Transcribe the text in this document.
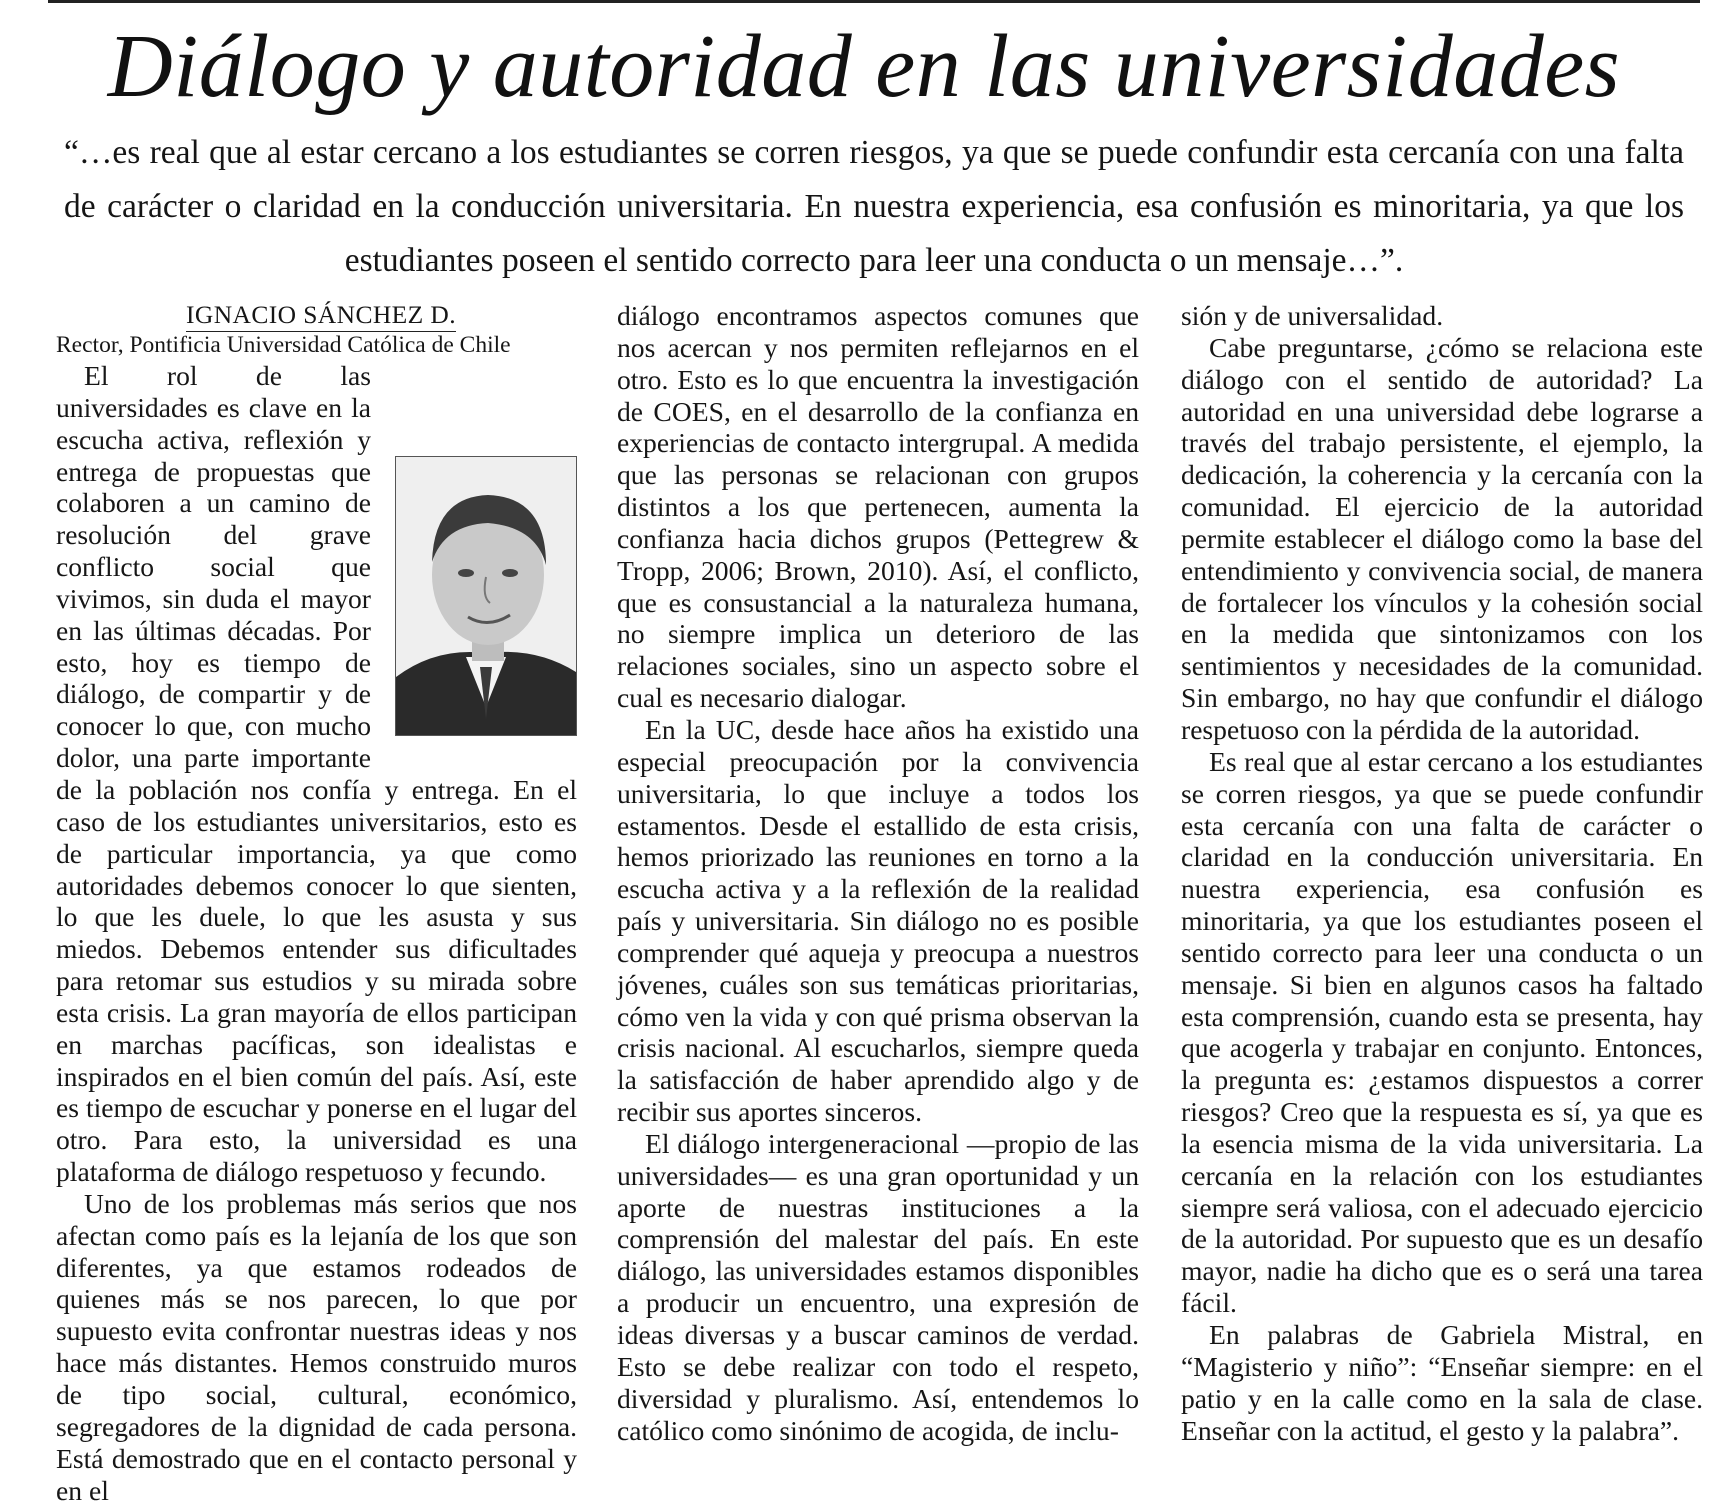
Diálogo y autoridad en las universidades
“…es real que al estar cercano a los estudiantes se corren riesgos, ya que se puede confundir esta cercanía con una falta de carácter o claridad en la conducción universitaria. En nuestra experiencia, esa confusión es minoritaria, ya que los estudiantes poseen el sentido correcto para leer una conducta o un mensaje…”.

IGNACIO SÁNCHEZ D.

Rector, Pontificia Universidad Católica de Chile

El rol de las universidades es clave en la escucha activa, reflexión y entrega de propuestas que colaboren a un camino de resolución del grave conflicto social que vivimos, sin duda el mayor en las últimas décadas. Por esto, hoy es tiempo de diálogo, de compartir y de conocer lo que, con mucho dolor, una parte importante de la población nos confía y entrega. En el caso de los estudiantes universitarios, esto es de particular importancia, ya que como autoridades debemos conocer lo que sienten, lo que les duele, lo que les asusta y sus miedos. Debemos entender sus dificultades para retomar sus estudios y su mirada sobre esta crisis. La gran mayoría de ellos participan en marchas pacíficas, son idealistas e inspirados en el bien común del país. Así, este es tiempo de escuchar y ponerse en el lugar del otro. Para esto, la universidad es una plataforma de diálogo respetuoso y fecundo.

Uno de los problemas más serios que nos afectan como país es la lejanía de los que son diferentes, ya que estamos rodeados de quienes más se nos parecen, lo que por supuesto evita confrontar nuestras ideas y nos hace más distantes. Hemos construido muros de tipo social, cultural, económico, segregadores de la dignidad de cada persona. Está demostrado que en el contacto personal y en el

diálogo encontramos aspectos comunes que nos acercan y nos permiten reflejarnos en el otro. Esto es lo que encuentra la investigación de COES, en el desarrollo de la confianza en experiencias de contacto intergrupal. A medida que las personas se relacionan con grupos distintos a los que pertenecen, aumenta la confianza hacia dichos grupos (Pettegrew & Tropp, 2006; Brown, 2010). Así, el conflicto, que es consustancial a la naturaleza humana, no siempre implica un deterioro de las relaciones sociales, sino un aspecto sobre el cual es necesario dialogar.

En la UC, desde hace años ha existido una especial preocupación por la convivencia universitaria, lo que incluye a todos los estamentos. Desde el estallido de esta crisis, hemos priorizado las reuniones en torno a la escucha activa y a la reflexión de la realidad país y universitaria. Sin diálogo no es posible comprender qué aqueja y preocupa a nuestros jóvenes, cuáles son sus temáticas prioritarias, cómo ven la vida y con qué prisma observan la crisis nacional. Al escucharlos, siempre queda la satisfacción de haber aprendido algo y de recibir sus aportes sinceros.

El diálogo intergeneracional —propio de las universidades— es una gran oportunidad y un aporte de nuestras instituciones a la comprensión del malestar del país. En este diálogo, las universidades estamos disponibles a producir un encuentro, una expresión de ideas diversas y a buscar caminos de verdad. Esto se debe realizar con todo el respeto, diversidad y pluralismo. Así, entendemos lo católico como sinónimo de acogida, de inclu-

sión y de universalidad.

Cabe preguntarse, ¿cómo se relaciona este diálogo con el sentido de autoridad? La autoridad en una universidad debe lograrse a través del trabajo persistente, el ejemplo, la dedicación, la coherencia y la cercanía con la comunidad. El ejercicio de la autoridad permite establecer el diálogo como la base del entendimiento y convivencia social, de manera de fortalecer los vínculos y la cohesión social en la medida que sintonizamos con los sentimientos y necesidades de la comunidad. Sin embargo, no hay que confundir el diálogo respetuoso con la pérdida de la autoridad.

Es real que al estar cercano a los estudiantes se corren riesgos, ya que se puede confundir esta cercanía con una falta de carácter o claridad en la conducción universitaria. En nuestra experiencia, esa confusión es minoritaria, ya que los estudiantes poseen el sentido correcto para leer una conducta o un mensaje. Si bien en algunos casos ha faltado esta comprensión, cuando esta se presenta, hay que acogerla y trabajar en conjunto. Entonces, la pregunta es: ¿estamos dispuestos a correr riesgos? Creo que la respuesta es sí, ya que es la esencia misma de la vida universitaria. La cercanía en la relación con los estudiantes siempre será valiosa, con el adecuado ejercicio de la autoridad. Por supuesto que es un desafío mayor, nadie ha dicho que es o será una tarea fácil.

En palabras de Gabriela Mistral, en “Magisterio y niño”: “Enseñar siempre: en el patio y en la calle como en la sala de clase. Enseñar con la actitud, el gesto y la palabra”.
